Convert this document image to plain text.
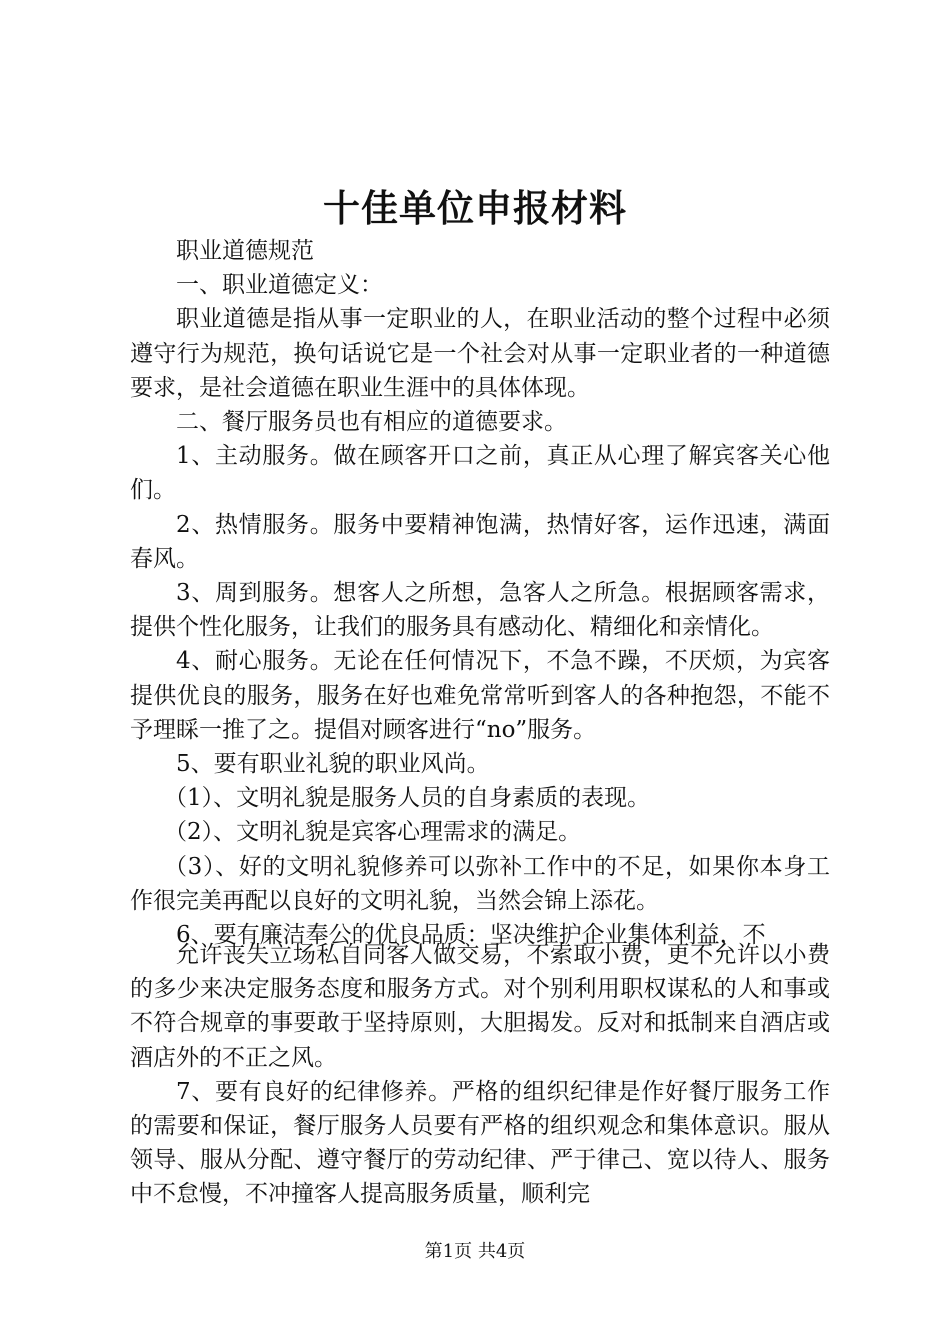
十佳单位申报材料

职业道德规范

一、职业道德定义：

职业道德是指从事一定职业的人，在职业活动的整个过程中必须遵守行为规范，换句话说它是一个社会对从事一定职业者的一种道德要求，是社会道德在职业生涯中的具体体现。

二、餐厅服务员也有相应的道德要求。

1、主动服务。做在顾客开口之前，真正从心理了解宾客关心他们。

2、热情服务。服务中要精神饱满，热情好客，运作迅速，满面春风。

3、周到服务。想客人之所想，急客人之所急。根据顾客需求，提供个性化服务，让我们的服务具有感动化、精细化和亲情化。

4、耐心服务。无论在任何情况下，不急不躁，不厌烦，为宾客提供优良的服务，服务在好也难免常常听到客人的各种抱怨，不能不予理睬一推了之。提倡对顾客进行“no”服务。

5、要有职业礼貌的职业风尚。

（1）、文明礼貌是服务人员的自身素质的表现。

（2）、文明礼貌是宾客心理需求的满足。

（3）、好的文明礼貌修养可以弥补工作中的不足，如果你本身工作很完美再配以良好的文明礼貌，当然会锦上添花。

6、要有廉洁奉公的优良品质：坚决维护企业集体利益，不

允许丧失立场私自同客人做交易，不索取小费，更不允许以小费的多少来决定服务态度和服务方式。对个别利用职权谋私的人和事或不符合规章的事要敢于坚持原则，大胆揭发。反对和抵制来自酒店或酒店外的不正之风。

7、要有良好的纪律修养。严格的组织纪律是作好餐厅服务工作的需要和保证，餐厅服务人员要有严格的组织观念和集体意识。服从领导、服从分配、遵守餐厅的劳动纪律、严于律己、宽以待人、服务中不怠慢，不冲撞客人提高服务质量，顺利完

第1页 共4页
